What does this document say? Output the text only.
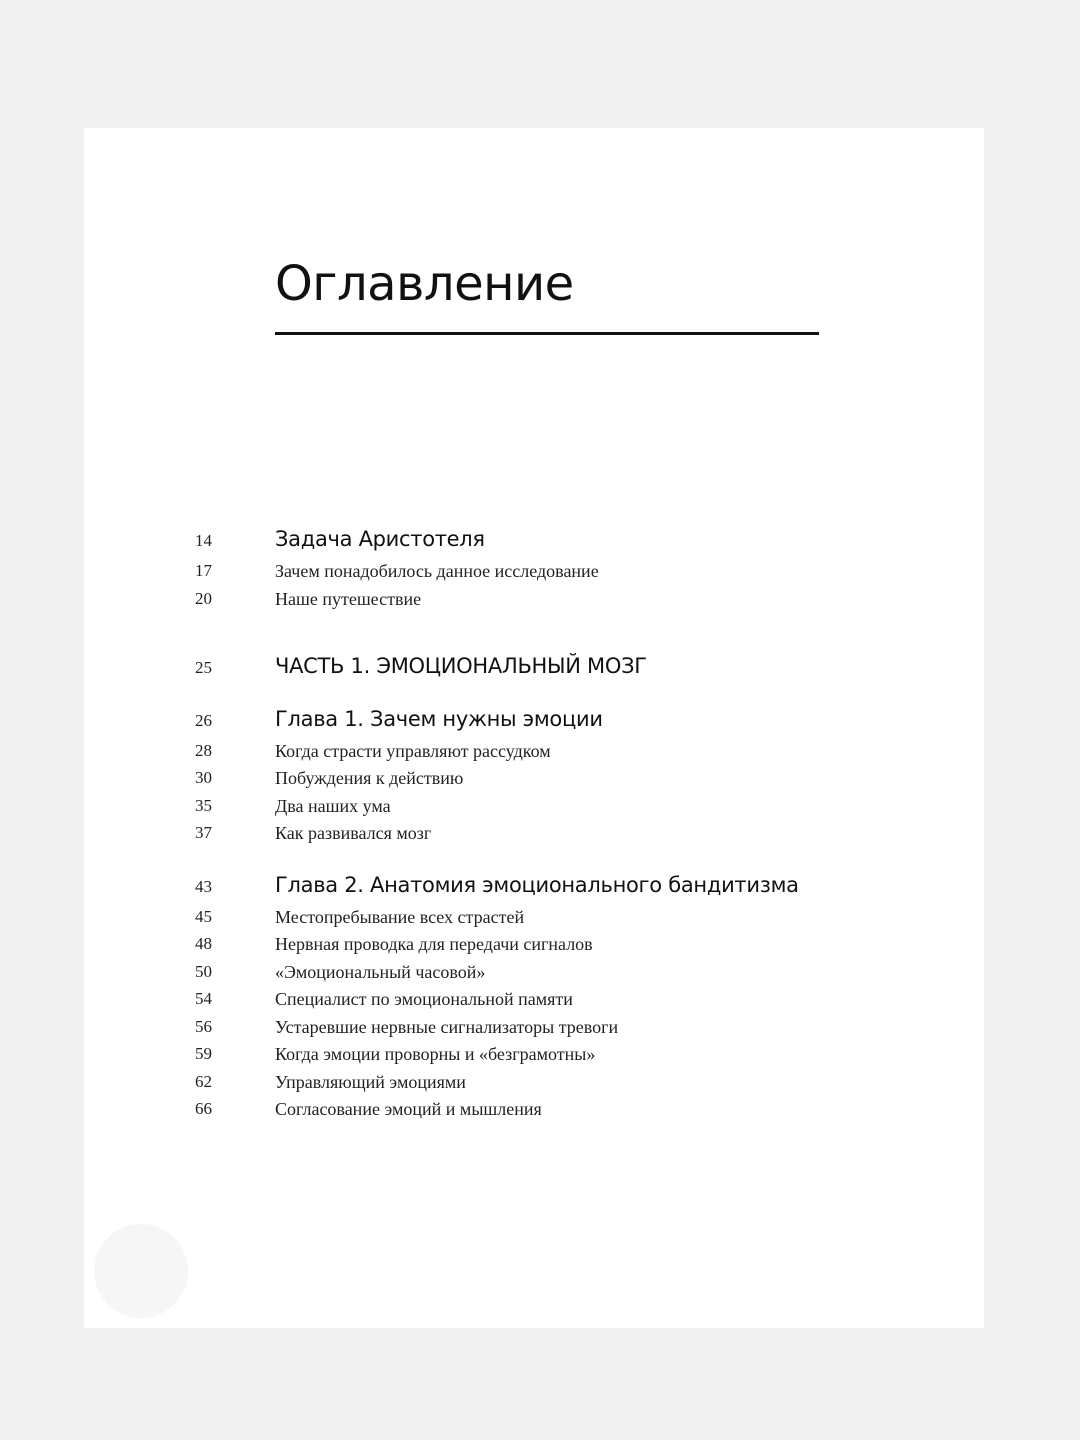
Оглавление
14	Задача Аристотеля
17	Зачем понадобилось данное исследование
20	Наше путешествие
25	ЧАСТЬ 1. ЭМОЦИОНАЛЬНЫЙ МОЗГ
26	Глава 1. Зачем нужны эмоции
28	Когда страсти управляют рассудком
30	Побуждения к действию
35	Два наших ума
37	Как развивался мозг
43	Глава 2. Анатомия эмоционального бандитизма
45	Местопребывание всех страстей
48	Нервная проводка для передачи сигналов
50	«Эмоциональный часовой»
54	Специалист по эмоциональной памяти
56	Устаревшие нервные сигнализаторы тревоги
59	Когда эмоции проворны и «безграмотны»
62	Управляющий эмоциями
66	Согласование эмоций и мышления
